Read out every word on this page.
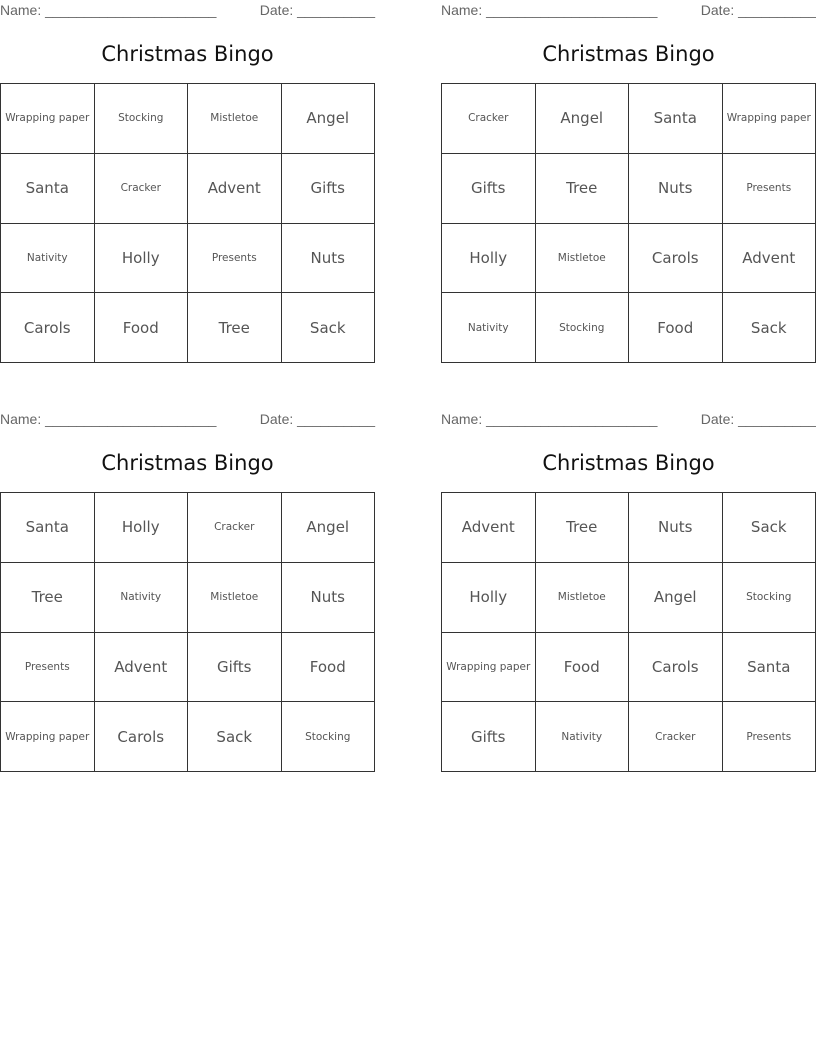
Name: ______________________	Date: __________
Christmas Bingo
Wrapping paper	Stocking	Mistletoe	Angel
Santa	Cracker	Advent	Gifts
Nativity	Holly	Presents	Nuts
Carols	Food	Tree	Sack
Name: ______________________	Date: __________
Christmas Bingo
Cracker	Angel	Santa	Wrapping paper
Gifts	Tree	Nuts	Presents
Holly	Mistletoe	Carols	Advent
Nativity	Stocking	Food	Sack
Name: ______________________	Date: __________
Christmas Bingo
Santa	Holly	Cracker	Angel
Tree	Nativity	Mistletoe	Nuts
Presents	Advent	Gifts	Food
Wrapping paper	Carols	Sack	Stocking
Name: ______________________	Date: __________
Christmas Bingo
Advent	Tree	Nuts	Sack
Holly	Mistletoe	Angel	Stocking
Wrapping paper	Food	Carols	Santa
Gifts	Nativity	Cracker	Presents
